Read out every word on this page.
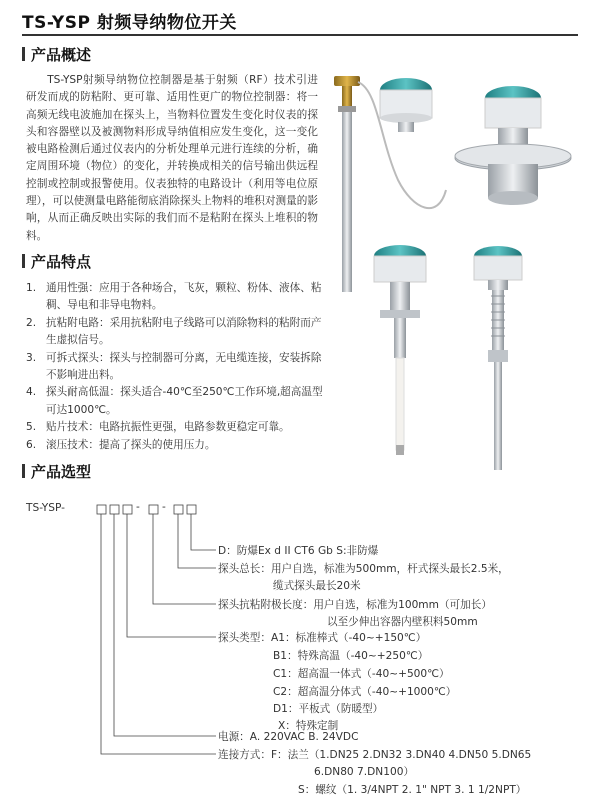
TS-YSP 射频导纳物位开关
产品概述
TS-YSP射频导纳物位控制器是基于射频（RF）技术引进研发而成的防粘附、更可靠、适用性更广的物位控制器：将一高频无线电波施加在探头上，当物料位置发生变化时仪表的探头和容器壁以及被测物料形成导纳值相应发生变化，这一变化被电路检测后通过仪表内的分析处理单元进行连续的分析，确定周围环境（物位）的变化，并转换成相关的信号输出供远程控制或控制或报警使用。仪表独特的电路设计（利用等电位原理），可以使测量电路能彻底消除探头上物料的堆积对测量的影响，从而正确反映出实际的我们而不是粘附在探头上堆积的物料。
产品特点
1. 通用性强：应用于各种场合，飞灰，颗粒、粉体、液体、粘稠、导电和非导电物料。
2. 抗粘附电路：采用抗粘附电子线路可以消除物料的粘附而产生虚拟信号。
3. 可拆式探头：探头与控制器可分离，无电缆连接，安装拆除不影响进出料。
4. 探头耐高低温：探头适合-40℃至250℃工作环境,超高温型可达1000℃。
5. 贴片技术：电路抗振性更强，电路参数更稳定可靠。
6. 滚压技术：提高了探头的使用压力。
产品选型
TS-YSP-	- -
D：防爆Ex d II CT6 Gb S:非防爆
探头总长：用户自选，标准为500mm，杆式探头最长2.5米，
缆式探头最长20米
探头抗粘附极长度：用户自选，标准为100mm（可加长）
以至少伸出容器内壁积料50mm
探头类型：A1：标准棒式（-40~+150℃）
B1：特殊高温（-40~+250℃）
C1：超高温一体式（-40~+500℃）
C2：超高温分体式（-40~+1000℃）
D1：平板式（防暖型）
X：特殊定制
电源：A. 220VAC B. 24VDC
连接方式：F：法兰（1.DN25 2.DN32 3.DN40 4.DN50 5.DN65
6.DN80 7.DN100）
S：螺纹（1. 3/4NPT 2. 1" NPT 3. 1 1/2NPT）
